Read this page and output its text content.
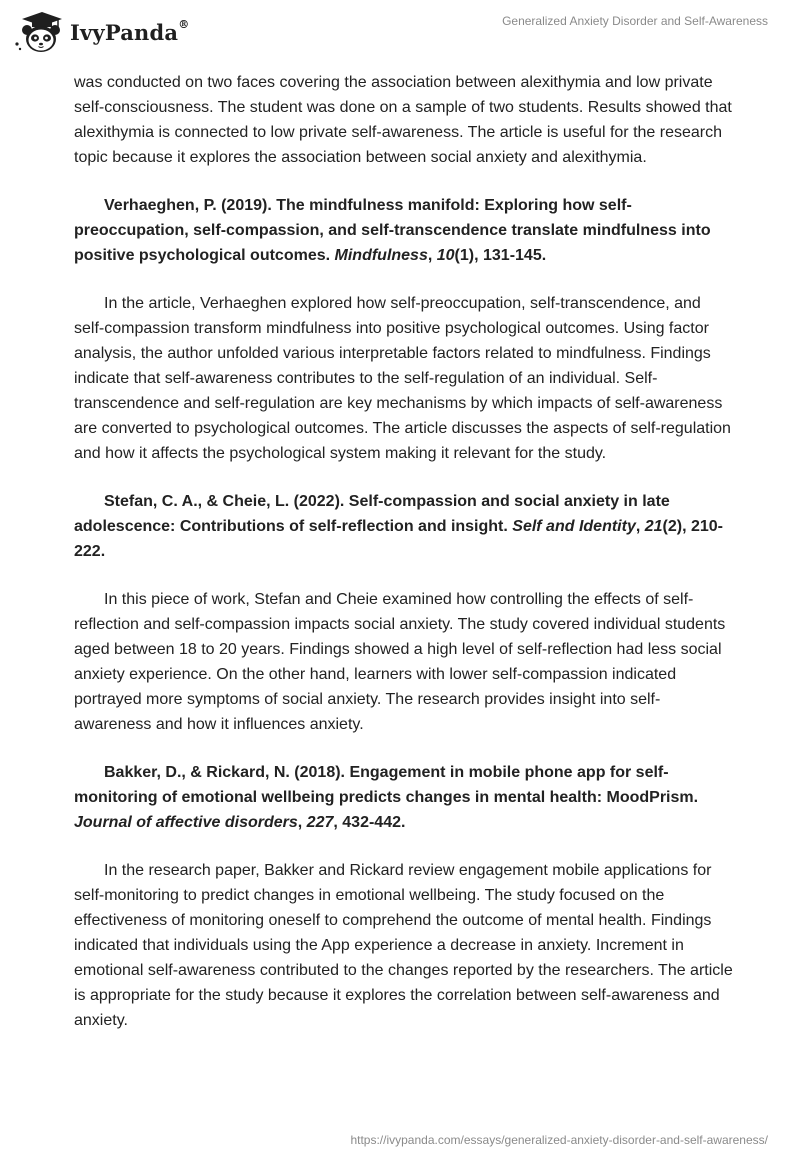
IvyPanda®	Generalized Anxiety Disorder and Self-Awareness

was conducted on two faces covering the association between alexithymia and low private self-consciousness. The student was done on a sample of two students. Results showed that alexithymia is connected to low private self-awareness. The article is useful for the research topic because it explores the association between social anxiety and alexithymia.

Verhaeghen, P. (2019). The mindfulness manifold: Exploring how self-preoccupation, self-compassion, and self-transcendence translate mindfulness into positive psychological outcomes. Mindfulness, 10(1), 131-145.

In the article, Verhaeghen explored how self-preoccupation, self-transcendence, and self-compassion transform mindfulness into positive psychological outcomes. Using factor analysis, the author unfolded various interpretable factors related to mindfulness. Findings indicate that self-awareness contributes to the self-regulation of an individual. Self-transcendence and self-regulation are key mechanisms by which impacts of self-awareness are converted to psychological outcomes. The article discusses the aspects of self-regulation and how it affects the psychological system making it relevant for the study.

Stefan, C. A., & Cheie, L. (2022). Self-compassion and social anxiety in late adolescence: Contributions of self-reflection and insight. Self and Identity, 21(2), 210-222.

In this piece of work, Stefan and Cheie examined how controlling the effects of self-reflection and self-compassion impacts social anxiety. The study covered individual students aged between 18 to 20 years. Findings showed a high level of self-reflection had less social anxiety experience. On the other hand, learners with lower self-compassion indicated portrayed more symptoms of social anxiety. The research provides insight into self-awareness and how it influences anxiety.

Bakker, D., & Rickard, N. (2018). Engagement in mobile phone app for self-monitoring of emotional wellbeing predicts changes in mental health: MoodPrism. Journal of affective disorders, 227, 432-442.

In the research paper, Bakker and Rickard review engagement mobile applications for self-monitoring to predict changes in emotional wellbeing. The study focused on the effectiveness of monitoring oneself to comprehend the outcome of mental health. Findings indicated that individuals using the App experience a decrease in anxiety. Increment in emotional self-awareness contributed to the changes reported by the researchers. The article is appropriate for the study because it explores the correlation between self-awareness and anxiety.

https://ivypanda.com/essays/generalized-anxiety-disorder-and-self-awareness/
